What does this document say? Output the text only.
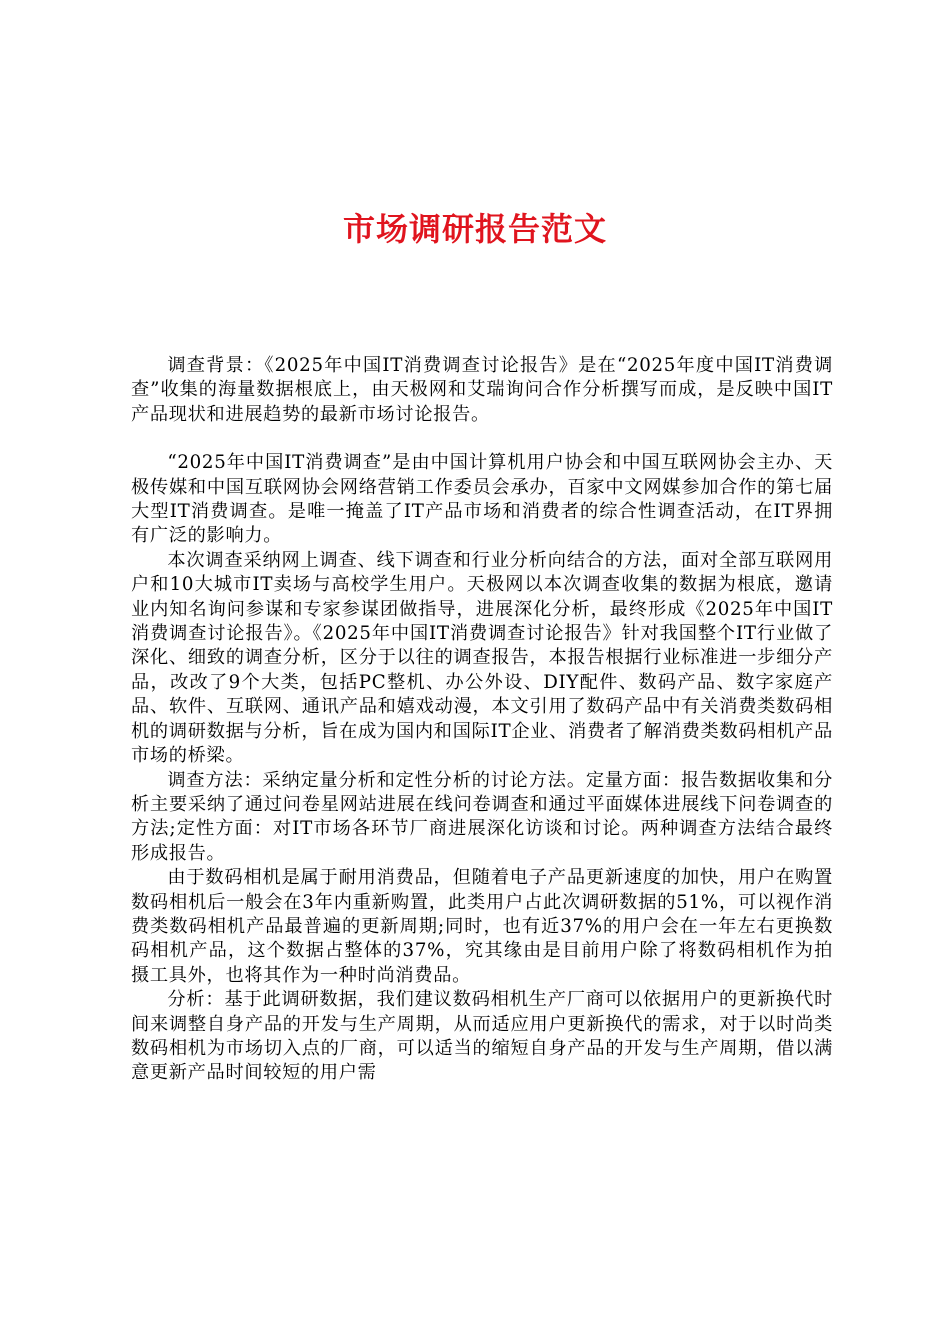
市场调研报告范文

调查背景：《2025年中国IT消费调查讨论报告》是在“2025年度中国IT消费调查”收集的海量数据根底上，由天极网和艾瑞询问合作分析撰写而成，是反映中国IT产品现状和进展趋势的最新市场讨论报告。

“2025年中国IT消费调查”是由中国计算机用户协会和中国互联网协会主办、天极传媒和中国互联网协会网络营销工作委员会承办，百家中文网媒参加合作的第七届大型IT消费调查。是唯一掩盖了IT产品市场和消费者的综合性调查活动，在IT界拥有广泛的影响力。

本次调查采纳网上调查、线下调查和行业分析向结合的方法，面对全部互联网用户和10大城市IT卖场与高校学生用户。天极网以本次调查收集的数据为根底，邀请业内知名询问参谋和专家参谋团做指导，进展深化分析，最终形成《2025年中国IT消费调查讨论报告》。《2025年中国IT消费调查讨论报告》针对我国整个IT行业做了深化、细致的调查分析，区分于以往的调查报告，本报告根据行业标准进一步细分产品，改改了9个大类，包括PC整机、办公外设、DIY配件、数码产品、数字家庭产品、软件、互联网、通讯产品和嬉戏动漫，本文引用了数码产品中有关消费类数码相机的调研数据与分析，旨在成为国内和国际IT企业、消费者了解消费类数码相机产品市场的桥梁。

调查方法：采纳定量分析和定性分析的讨论方法。定量方面：报告数据收集和分析主要采纳了通过问卷星网站进展在线问卷调查和通过平面媒体进展线下问卷调查的方法;定性方面：对IT市场各环节厂商进展深化访谈和讨论。两种调查方法结合最终形成报告。

由于数码相机是属于耐用消费品，但随着电子产品更新速度的加快，用户在购置数码相机后一般会在3年内重新购置，此类用户占此次调研数据的51%，可以视作消费类数码相机产品最普遍的更新周期;同时，也有近37%的用户会在一年左右更换数码相机产品，这个数据占整体的37%，究其缘由是目前用户除了将数码相机作为拍摄工具外，也将其作为一种时尚消费品。

分析：基于此调研数据，我们建议数码相机生产厂商可以依据用户的更新换代时间来调整自身产品的开发与生产周期，从而适应用户更新换代的需求，对于以时尚类数码相机为市场切入点的厂商，可以适当的缩短自身产品的开发与生产周期，借以满意更新产品时间较短的用户需
